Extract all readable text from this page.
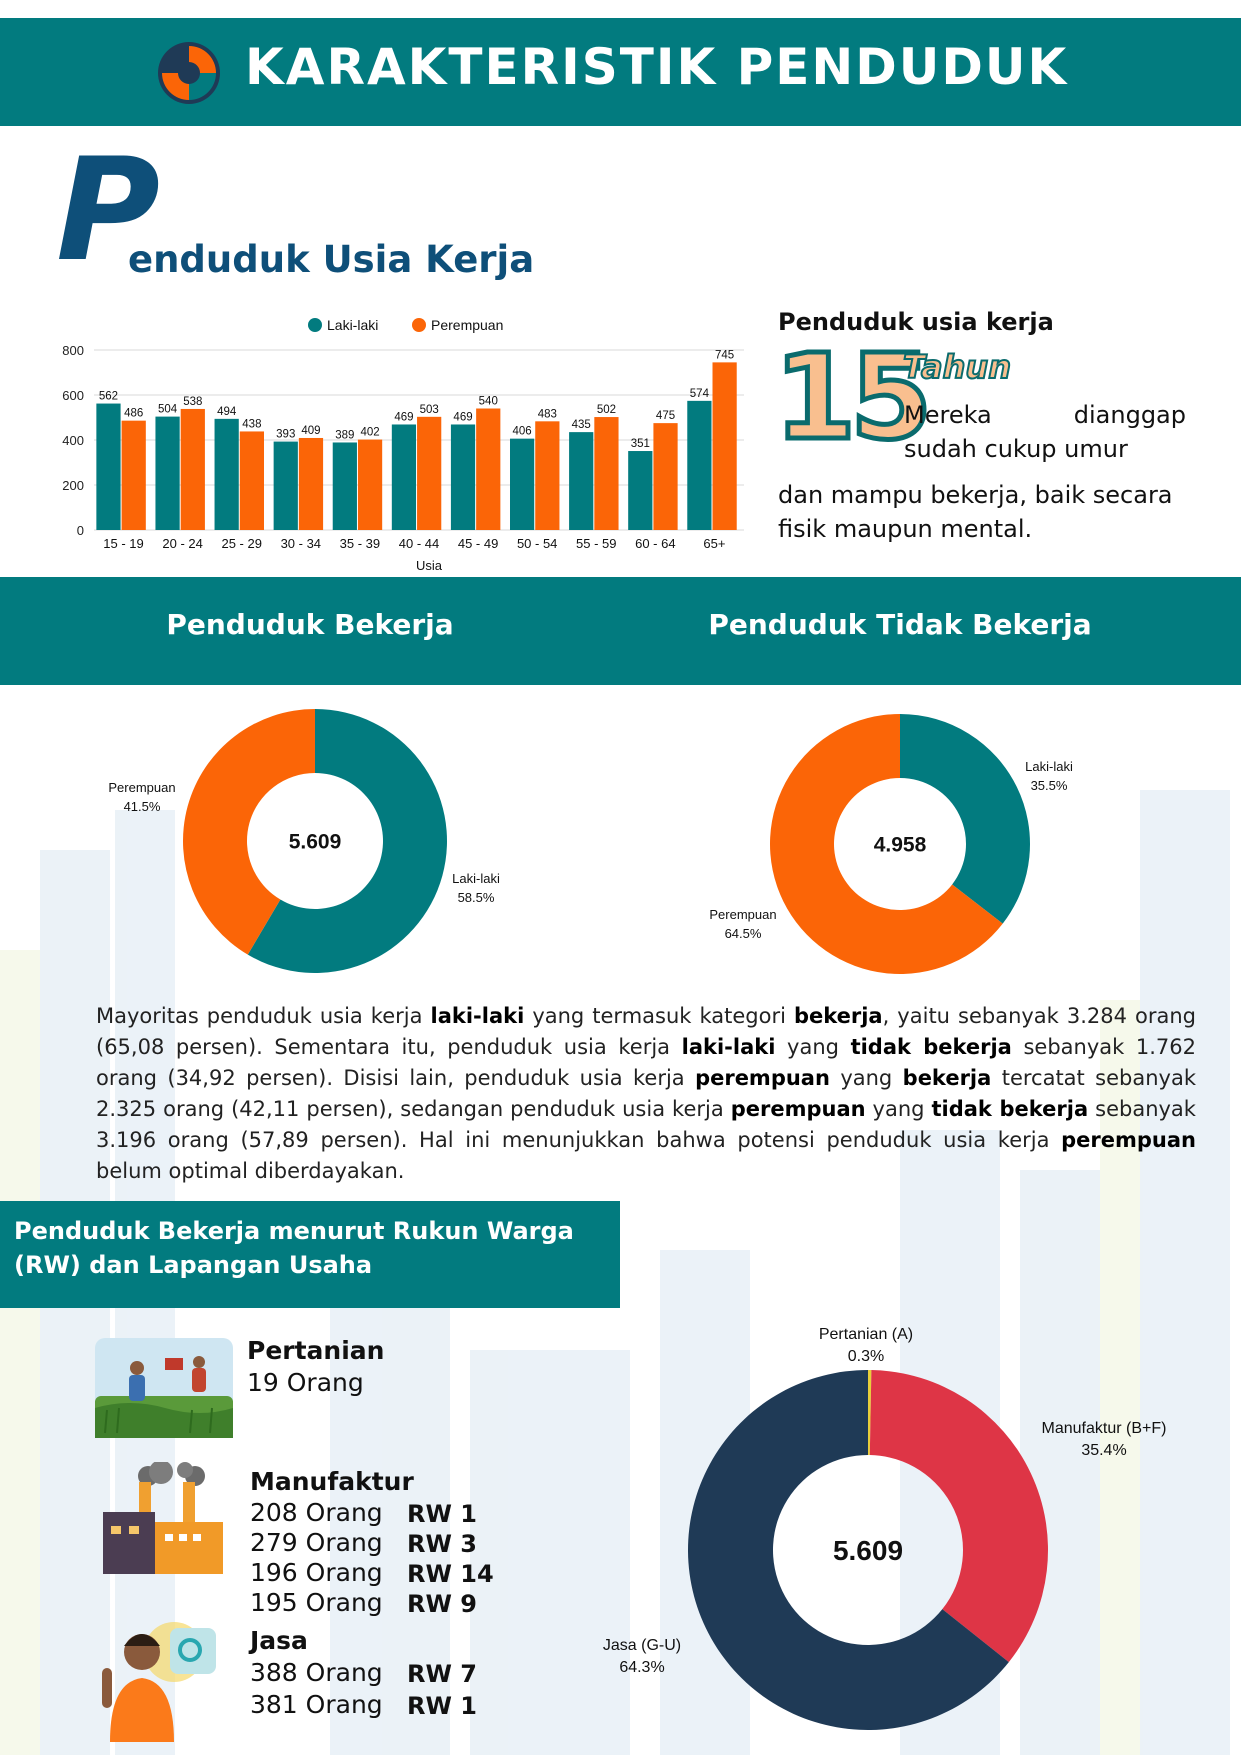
KARAKTERISTIK PENDUDUK
P
enduduk Usia Kerja
0
200
400
600
800
562
486
15 - 19
504
538
20 - 24
494
438
25 - 29
393 409
30 - 34
389 402
35 - 39
469
503
40 - 44
469
540
45 - 49
406
483
50 - 54
435
502
55 - 59
351
475
60 - 64
574
745
65+
Usia
Laki-laki	Perempuan	Penduduk usia kerja
15
Tahun
Mereka	dianggap
sudah cukup umur
dan mampu bekerja, baik secara fisik maupun mental.
Penduduk Bekerja	Penduduk Tidak Bekerja
Laki-laki
58.5%
Perempuan
41.5%
5.609
Laki-laki
35.5%
Perempuan
64.5%
4.958
Mayoritas penduduk usia kerja laki-laki yang termasuk kategori bekerja, yaitu sebanyak 3.284 orang (65,08 persen). Sementara itu, penduduk usia kerja laki-laki yang tidak bekerja sebanyak 1.762 orang (34,92 persen). Disisi lain, penduduk usia kerja perempuan yang bekerja tercatat sebanyak 2.325 orang (42,11 persen), sedangan penduduk usia kerja perempuan yang tidak bekerja sebanyak 3.196 orang (57,89 persen). Hal ini menunjukkan bahwa potensi penduduk usia kerja perempuan belum optimal diberdayakan.
Penduduk Bekerja menurut Rukun Warga (RW) dan Lapangan Usaha
Pertanian
19 Orang
Manufaktur
208 Orang RW 1
279 Orang RW 3
196 Orang RW 14
195 Orang RW 9
Jasa
388 Orang RW 7
381 Orang RW 1
Pertanian (A)
0.3%
Manufaktur (B+F)
35.4%
Jasa (G-U)
64.3%
5.609
